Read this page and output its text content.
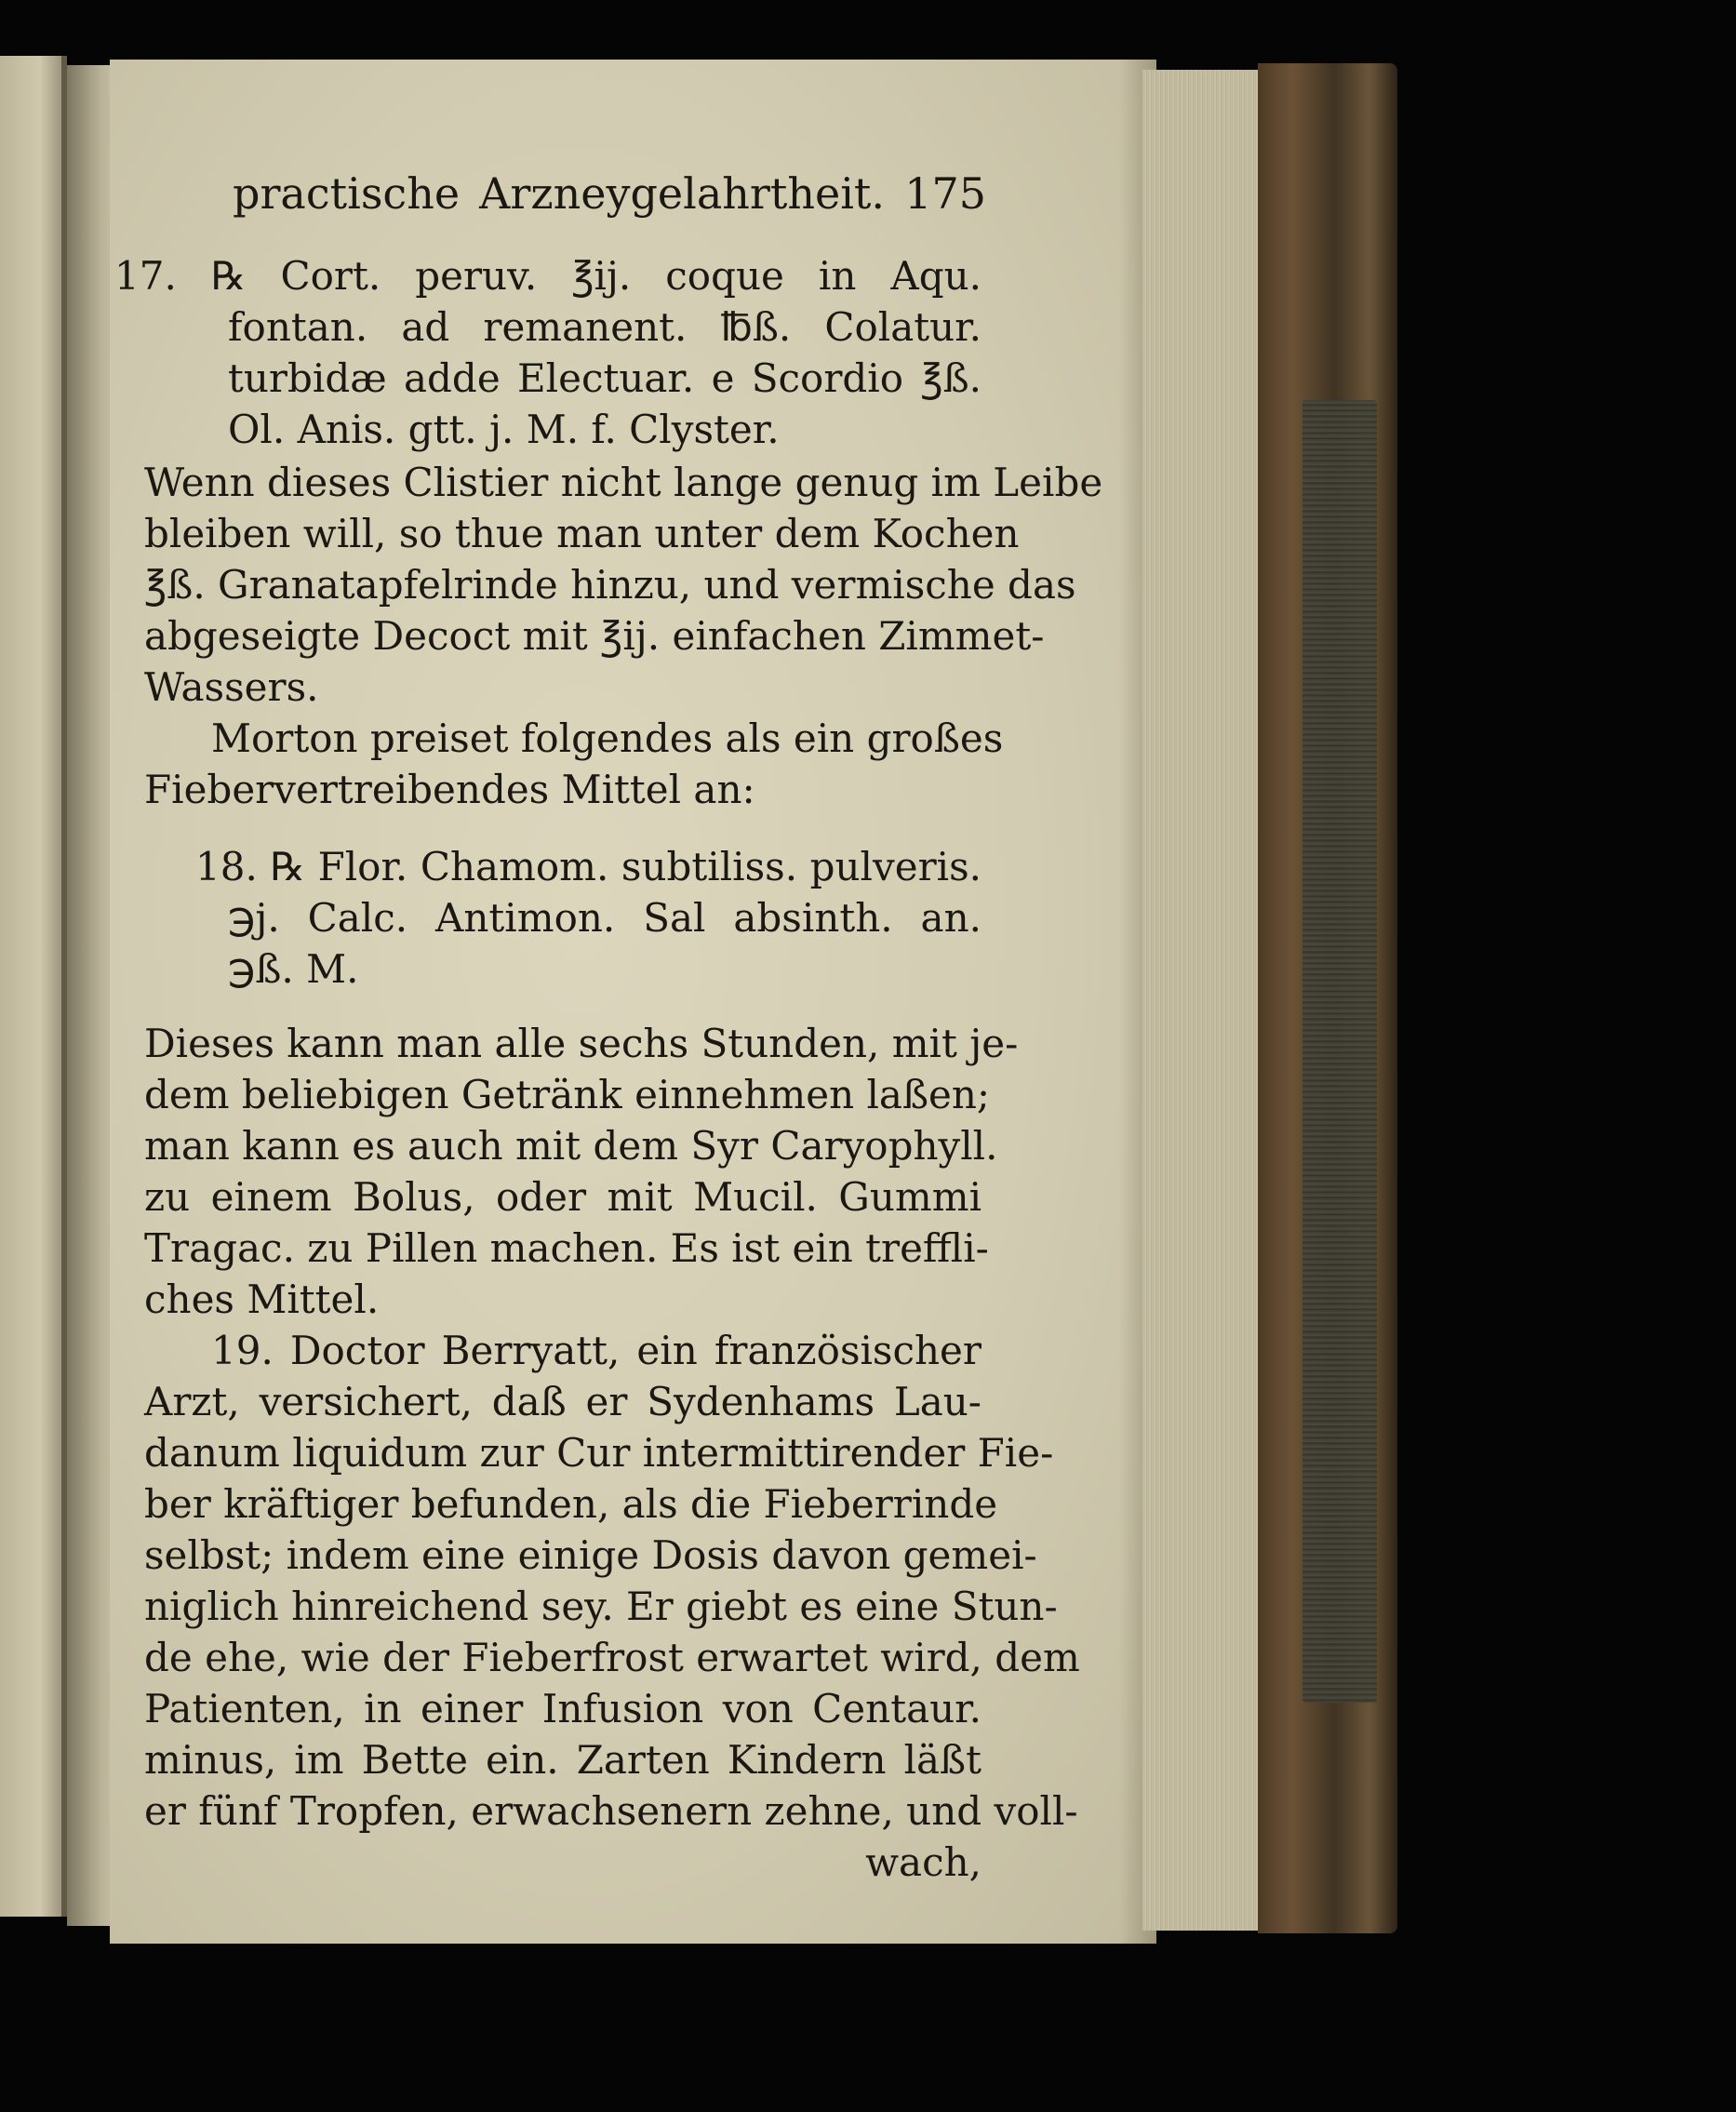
practische Arzneygelahrtheit. 175
17. ℞ Cort. peruv. ℥ij. coque in Aqu.
fontan. ad remanent. ℔ß. Colatur.
turbidæ adde Electuar. e Scordio ℥ß.
Ol. Anis. gtt. j. M. f. Clyster.
Wenn dieses Clistier nicht lange genug im Leibe
bleiben will, so thue man unter dem Kochen
℥ß. Granatapfelrinde hinzu, und vermische das
abgeseigte Decoct mit ℥ij. einfachen Zimmet-
Wassers.
Morton preiset folgendes als ein großes
Fiebervertreibendes Mittel an:
18. ℞ Flor. Chamom. subtiliss. pulveris.
℈j. Calc. Antimon. Sal absinth. an.
℈ß. M.
Dieses kann man alle sechs Stunden, mit je-
dem beliebigen Getränk einnehmen laßen;
man kann es auch mit dem Syr Caryophyll.
zu einem Bolus, oder mit Mucil. Gummi
Tragac. zu Pillen machen. Es ist ein treffli-
ches Mittel.
19. Doctor Berryatt, ein französischer
Arzt, versichert, daß er Sydenhams Lau-
danum liquidum zur Cur intermittirender Fie-
ber kräftiger befunden, als die Fieberrinde
selbst; indem eine einige Dosis davon gemei-
niglich hinreichend sey. Er giebt es eine Stun-
de ehe, wie der Fieberfrost erwartet wird, dem
Patienten, in einer Infusion von Centaur.
minus, im Bette ein. Zarten Kindern läßt
er fünf Tropfen, erwachsenern zehne, und voll-
wach,
